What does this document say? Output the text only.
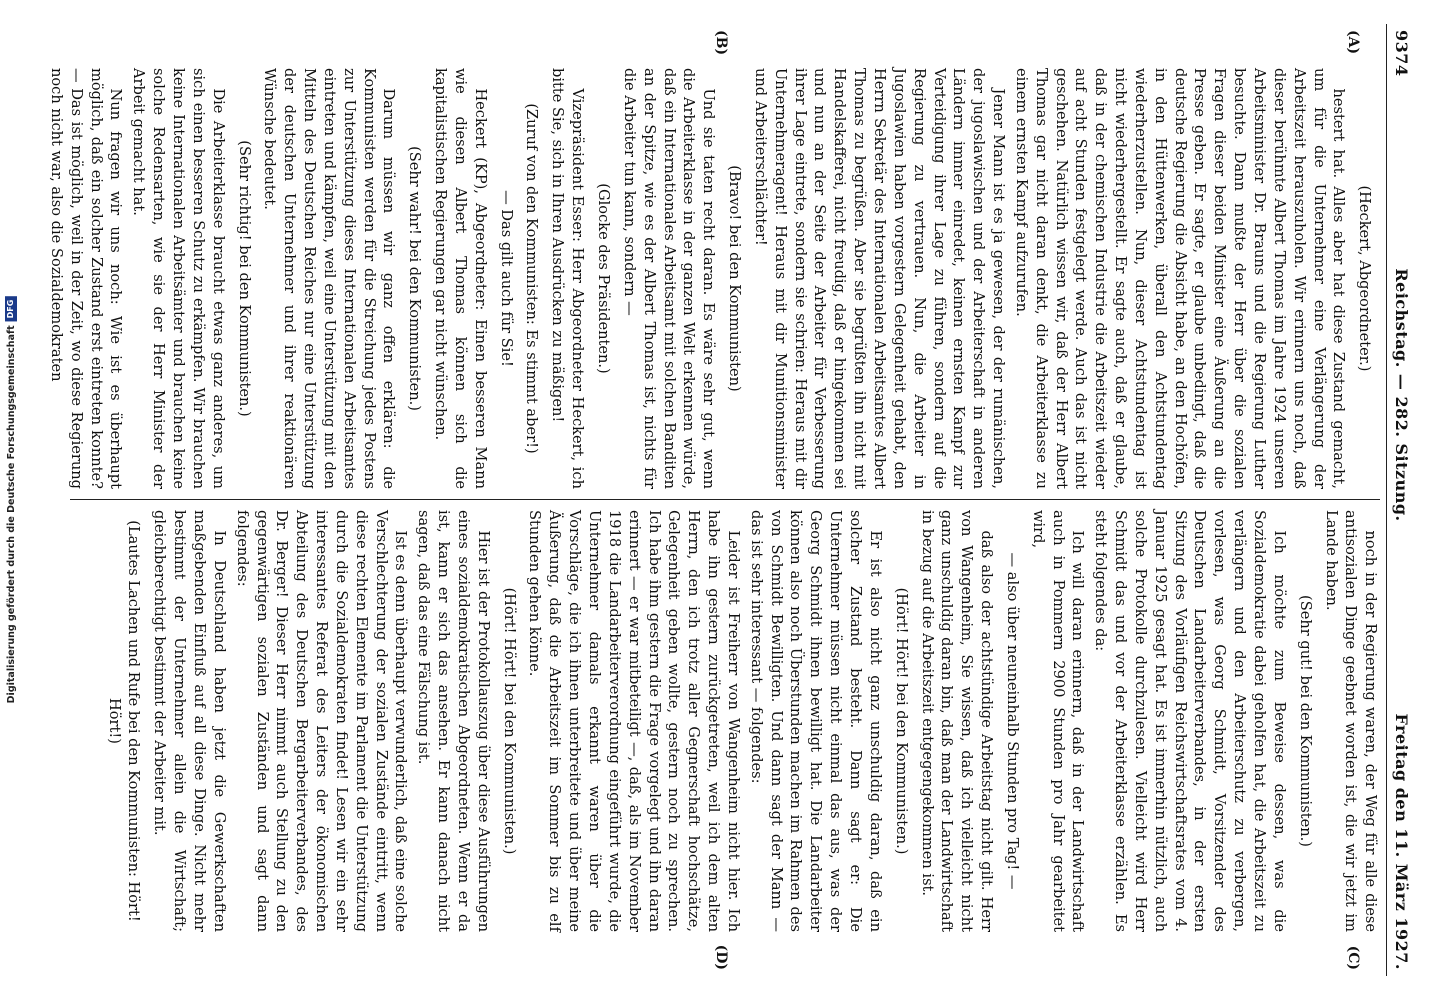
Digitalisierung gefördert durch die Deutsche Forschungsgemeinschaft
DFG
9374
Reichstag. — 282. Sitzung.
Freitag den 11. März 1927.
(A)
(B)

(Heckert, Abgeordneter.)

hestert hat. Alles aber hat diese Zustand gemacht, um für die Unternehmer eine Verlängerung der Arbeitszeit herauszuholen. Wir erinnern uns noch, daß dieser berühmte Albert Thomas im Jahre 1924 unseren Arbeitsminister Dr. Brauns und die Regierung Luther besuchte. Dann mußte der Herr über die sozialen Fragen dieser beiden Minister eine Äußerung an die Presse geben. Er sagte, er glaube unbedingt, daß die deutsche Regierung die Absicht habe, an den Hochöfen, in den Hüttenwerken, überall den Achtstundentag wiederherzustellen. Nun, dieser Achtstundentag ist nicht wiederhergestellt. Er sagte auch, daß er glaube, daß in der chemischen Industrie die Arbeitszeit wieder auf acht Stunden festgelegt werde. Auch das ist nicht geschehen. Natürlich wissen wir, daß der Herr Albert Thomas gar nicht daran denkt, die Arbeiterklasse zu einem ernsten Kampf aufzurufen.

Jener Mann ist es ja gewesen, der der rumänischen, der jugoslawischen und der Arbeiterschaft in anderen Ländern immer einredet, keinen ernsten Kampf zur Verteidigung ihrer Lage zu führen, sondern auf die Regierung zu vertrauen. Nun, die Arbeiter in Jugoslawien haben vorgestern Gelegenheit gehabt, den Herrn Sekretär des Internationalen Arbeitsamtes Albert Thomas zu begrüßen. Aber sie begrüßten ihn nicht mit Handelskafferei, nicht freudig, daß er hingekommen sei und nun an der Seite der Arbeiter für Verbesserung ihrer Lage eintrete, sondern sie schrien: Heraus mit dir Unternehmeragent! Heraus mit dir Munitionsminister und Arbeiterschlächter!

(Bravo! bei den Kommunisten)

Und sie taten recht daran. Es wäre sehr gut, wenn die Arbeiterklasse in der ganzen Welt erkennen würde, daß ein Internationales Arbeitsamt mit solchen Banditen an der Spitze, wie es der Albert Thomas ist, nichts für die Arbeiter tun kann, sondern —

(Glocke des Präsidenten.)

Vizepräsident Esser: Herr Abgeordneter Heckert, ich bitte Sie, sich in Ihren Ausdrücken zu mäßigen!

(Zuruf von den Kommunisten: Es stimmt aber!)

— Das gilt auch für Sie!

Heckert (KP), Abgeordneter: Einen besseren Mann wie diesen Albert Thomas können sich die kapitalistischen Regierungen gar nicht wünschen.

(Sehr wahr! bei den Kommunisten.)

Darum müssen wir ganz offen erklären: die Kommunisten werden für die Streichung jedes Postens zur Unterstützung dieses Internationalen Arbeitsamtes eintreten und kämpfen, weil eine Unterstützung mit den Mitteln des Deutschen Reiches nur eine Unterstützung der deutschen Unternehmer und ihrer reaktionären Wünsche bedeutet.

(Sehr richtig! bei den Kommunisten.)

Die Arbeiterklasse braucht etwas ganz anderes, um sich einen besseren Schutz zu erkämpfen. Wir brauchen keine Internationalen Arbeitsämter und brauchen keine solche Redensarten, wie sie der Herr Minister der Arbeit gemacht hat.

Nun fragen wir uns noch: Wie ist es überhaupt möglich, daß ein solcher Zustand erst eintreten konnte? — Das ist möglich, weil in der Zeit, wo diese Regierung noch nicht war, also die Sozialdemokraten

(C)
(D)

noch in der Regierung waren, der Weg für alle diese antisozialen Dinge geebnet worden ist, die wir jetzt im Lande haben.

(Sehr gut! bei den Kommunisten.)

Ich möchte zum Beweise dessen, was die Sozialdemokratie dabei geholfen hat, die Arbeitszeit zu verlängern und den Arbeiterschutz zu verbergen, vorlesen, was Georg Schmidt, Vorsitzender des Deutschen Landarbeiterverbandes, in der ersten Sitzung des Vorläufigen Reichswirtschaftsrates vom 4. Januar 1925 gesagt hat. Es ist immerhin nützlich, auch solche Protokolle durchzulesen. Vielleicht wird Herr Schmidt das und vor der Arbeiterklasse erzählen. Es steht folgendes da:

Ich will daran erinnern, daß in der Landwirtschaft auch in Pommern 2900 Stunden pro Jahr gearbeitet wird,

— also über neuneinhalb Stunden pro Tag! —

daß also der achtstündige Arbeitstag nicht gilt. Herr von Wangenheim, Sie wissen, daß ich vielleicht nicht ganz unschuldig daran bin, daß man der Landwirtschaft in bezug auf die Arbeitszeit entgegengekommen ist.

(Hört! Hört! bei den Kommunisten.)

Er ist also nicht ganz unschuldig daran, daß ein solcher Zustand besteht. Dann sagt er: Die Unternehmer müssen nicht einmal das aus, was der Georg Schmidt ihnen bewilligt hat. Die Landarbeiter können also noch Überstunden machen im Rahmen des von Schmidt Bewilligten. Und dann sagt der Mann — das ist sehr interessant — folgendes:

Leider ist Freiherr von Wangenheim nicht hier. Ich habe ihn gestern zurückgetreten, weil ich dem alten Herrn, den ich trotz aller Gegnerschaft hochschätze, Gelegenheit geben wollte, gestern noch zu sprechen. Ich habe ihm gestern die Frage vorgelegt und ihn daran erinnert — er war mitbeteiligt —, daß, als im November 1918 die Landarbeiterverordnung eingeführt wurde, die Unternehmer damals erkannt waren über die Vorschläge, die ich ihnen unterbreitete und über meine Äußerung, daß die Arbeitszeit im Sommer bis zu elf Stunden gehen könne.

(Hört! Hört! bei den Kommunisten.)

Hier ist der Protokollauszug über diese Ausführungen eines sozialdemokratischen Abgeordneten. Wenn er da ist, kann er sich das ansehen. Er kann danach nicht sagen, daß das eine Fälschung ist.

Ist es denn überhaupt verwunderlich, daß eine solche Verschlechterung der sozialen Zustände eintritt, wenn diese rechten Elemente im Parlament die Unterstützung durch die Sozialdemokraten findet! Lesen wir ein sehr interessantes Referat des Leiters der ökonomischen Abteilung des Deutschen Bergarbeiterverbandes, des Dr. Berger! Dieser Herr nimmt auch Stellung zu den gegenwärtigen sozialen Zuständen und sagt dann folgendes:

In Deutschland haben jetzt die Gewerkschaften maßgebenden Einfluß auf all diese Dinge. Nicht mehr bestimmt der Unternehmer allein die Wirtschaft; gleichberechtigt bestimmt der Arbeiter mit.

(Lautes Lachen und Rufe bei den Kommunisten: Hört! Hört!)
